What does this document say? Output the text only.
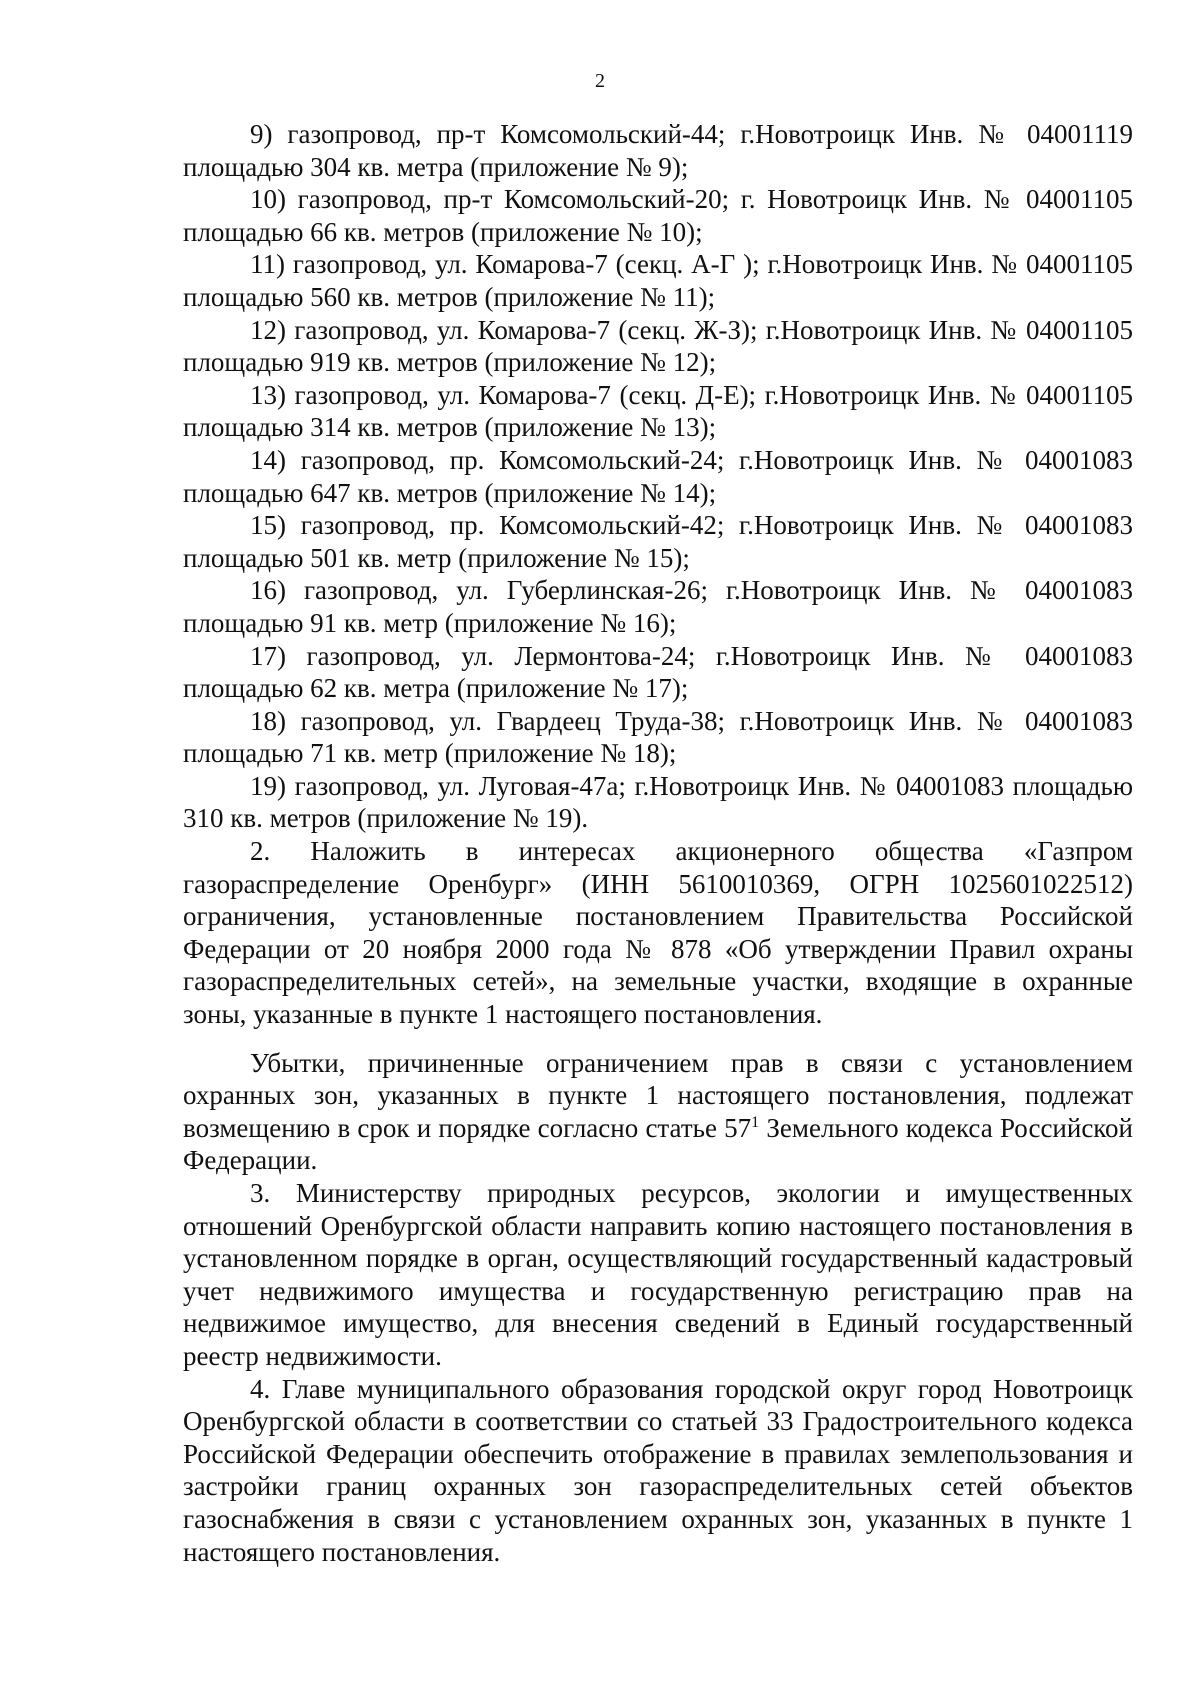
2

9) газопровод, пр-т Комсомольский-44; г.Новотроицк Инв. № 04001119 площадью 304 кв. метра (приложение № 9);

10) газопровод, пр-т Комсомольский-20; г. Новотроицк Инв. № 04001105 площадью 66 кв. метров (приложение № 10);

11) газопровод, ул. Комарова-7 (секц. А-Г ); г.Новотроицк Инв. № 04001105 площадью 560 кв. метров (приложение № 11);

12) газопровод, ул. Комарова-7 (секц. Ж-З); г.Новотроицк Инв. № 04001105 площадью 919 кв. метров (приложение № 12);

13) газопровод, ул. Комарова-7 (секц. Д-Е); г.Новотроицк Инв. № 04001105 площадью 314 кв. метров (приложение № 13);

14) газопровод, пр. Комсомольский-24; г.Новотроицк Инв. № 04001083 площадью 647 кв. метров (приложение № 14);

15) газопровод, пр. Комсомольский-42; г.Новотроицк Инв. № 04001083 площадью 501 кв. метр (приложение № 15);

16) газопровод, ул. Губерлинская-26; г.Новотроицк Инв. № 04001083 площадью 91 кв. метр (приложение № 16);

17) газопровод, ул. Лермонтова-24; г.Новотроицк Инв. № 04001083 площадью 62 кв. метра (приложение № 17);

18) газопровод, ул. Гвардеец Труда-38; г.Новотроицк Инв. № 04001083 площадью 71 кв. метр (приложение № 18);

19) газопровод, ул. Луговая-47а; г.Новотроицк Инв. № 04001083 площадью 310 кв. метров (приложение № 19).

2. Наложить в интересах акционерного общества «Газпром газораспределение Оренбург» (ИНН 5610010369, ОГРН 1025601022512) ограничения, установленные постановлением Правительства Российской Федерации от 20 ноября 2000 года № 878 «Об утверждении Правил охраны газораспределительных сетей», на земельные участки, входящие в охранные зоны, указанные в пункте 1 настоящего постановления.

Убытки, причиненные ограничением прав в связи с установлением охранных зон, указанных в пункте 1 настоящего постановления, подлежат возмещению в срок и порядке согласно статье $57^1$ Земельного кодекса Российской Федерации.

3. Министерству природных ресурсов, экологии и имущественных отношений Оренбургской области направить копию настоящего постановления в установленном порядке в орган, осуществляющий государственный кадастровый учет недвижимого имущества и государственную регистрацию прав на недвижимое имущество, для внесения сведений в Единый государственный реестр недвижимости.

4. Главе муниципального образования городской округ город Новотроицк Оренбургской области в соответствии со статьей 33 Градостроительного кодекса Российской Федерации обеспечить отображение в правилах землепользования и застройки границ охранных зон газораспределительных сетей объектов газоснабжения в связи с установлением охранных зон, указанных в пункте 1 настоящего постановления.
